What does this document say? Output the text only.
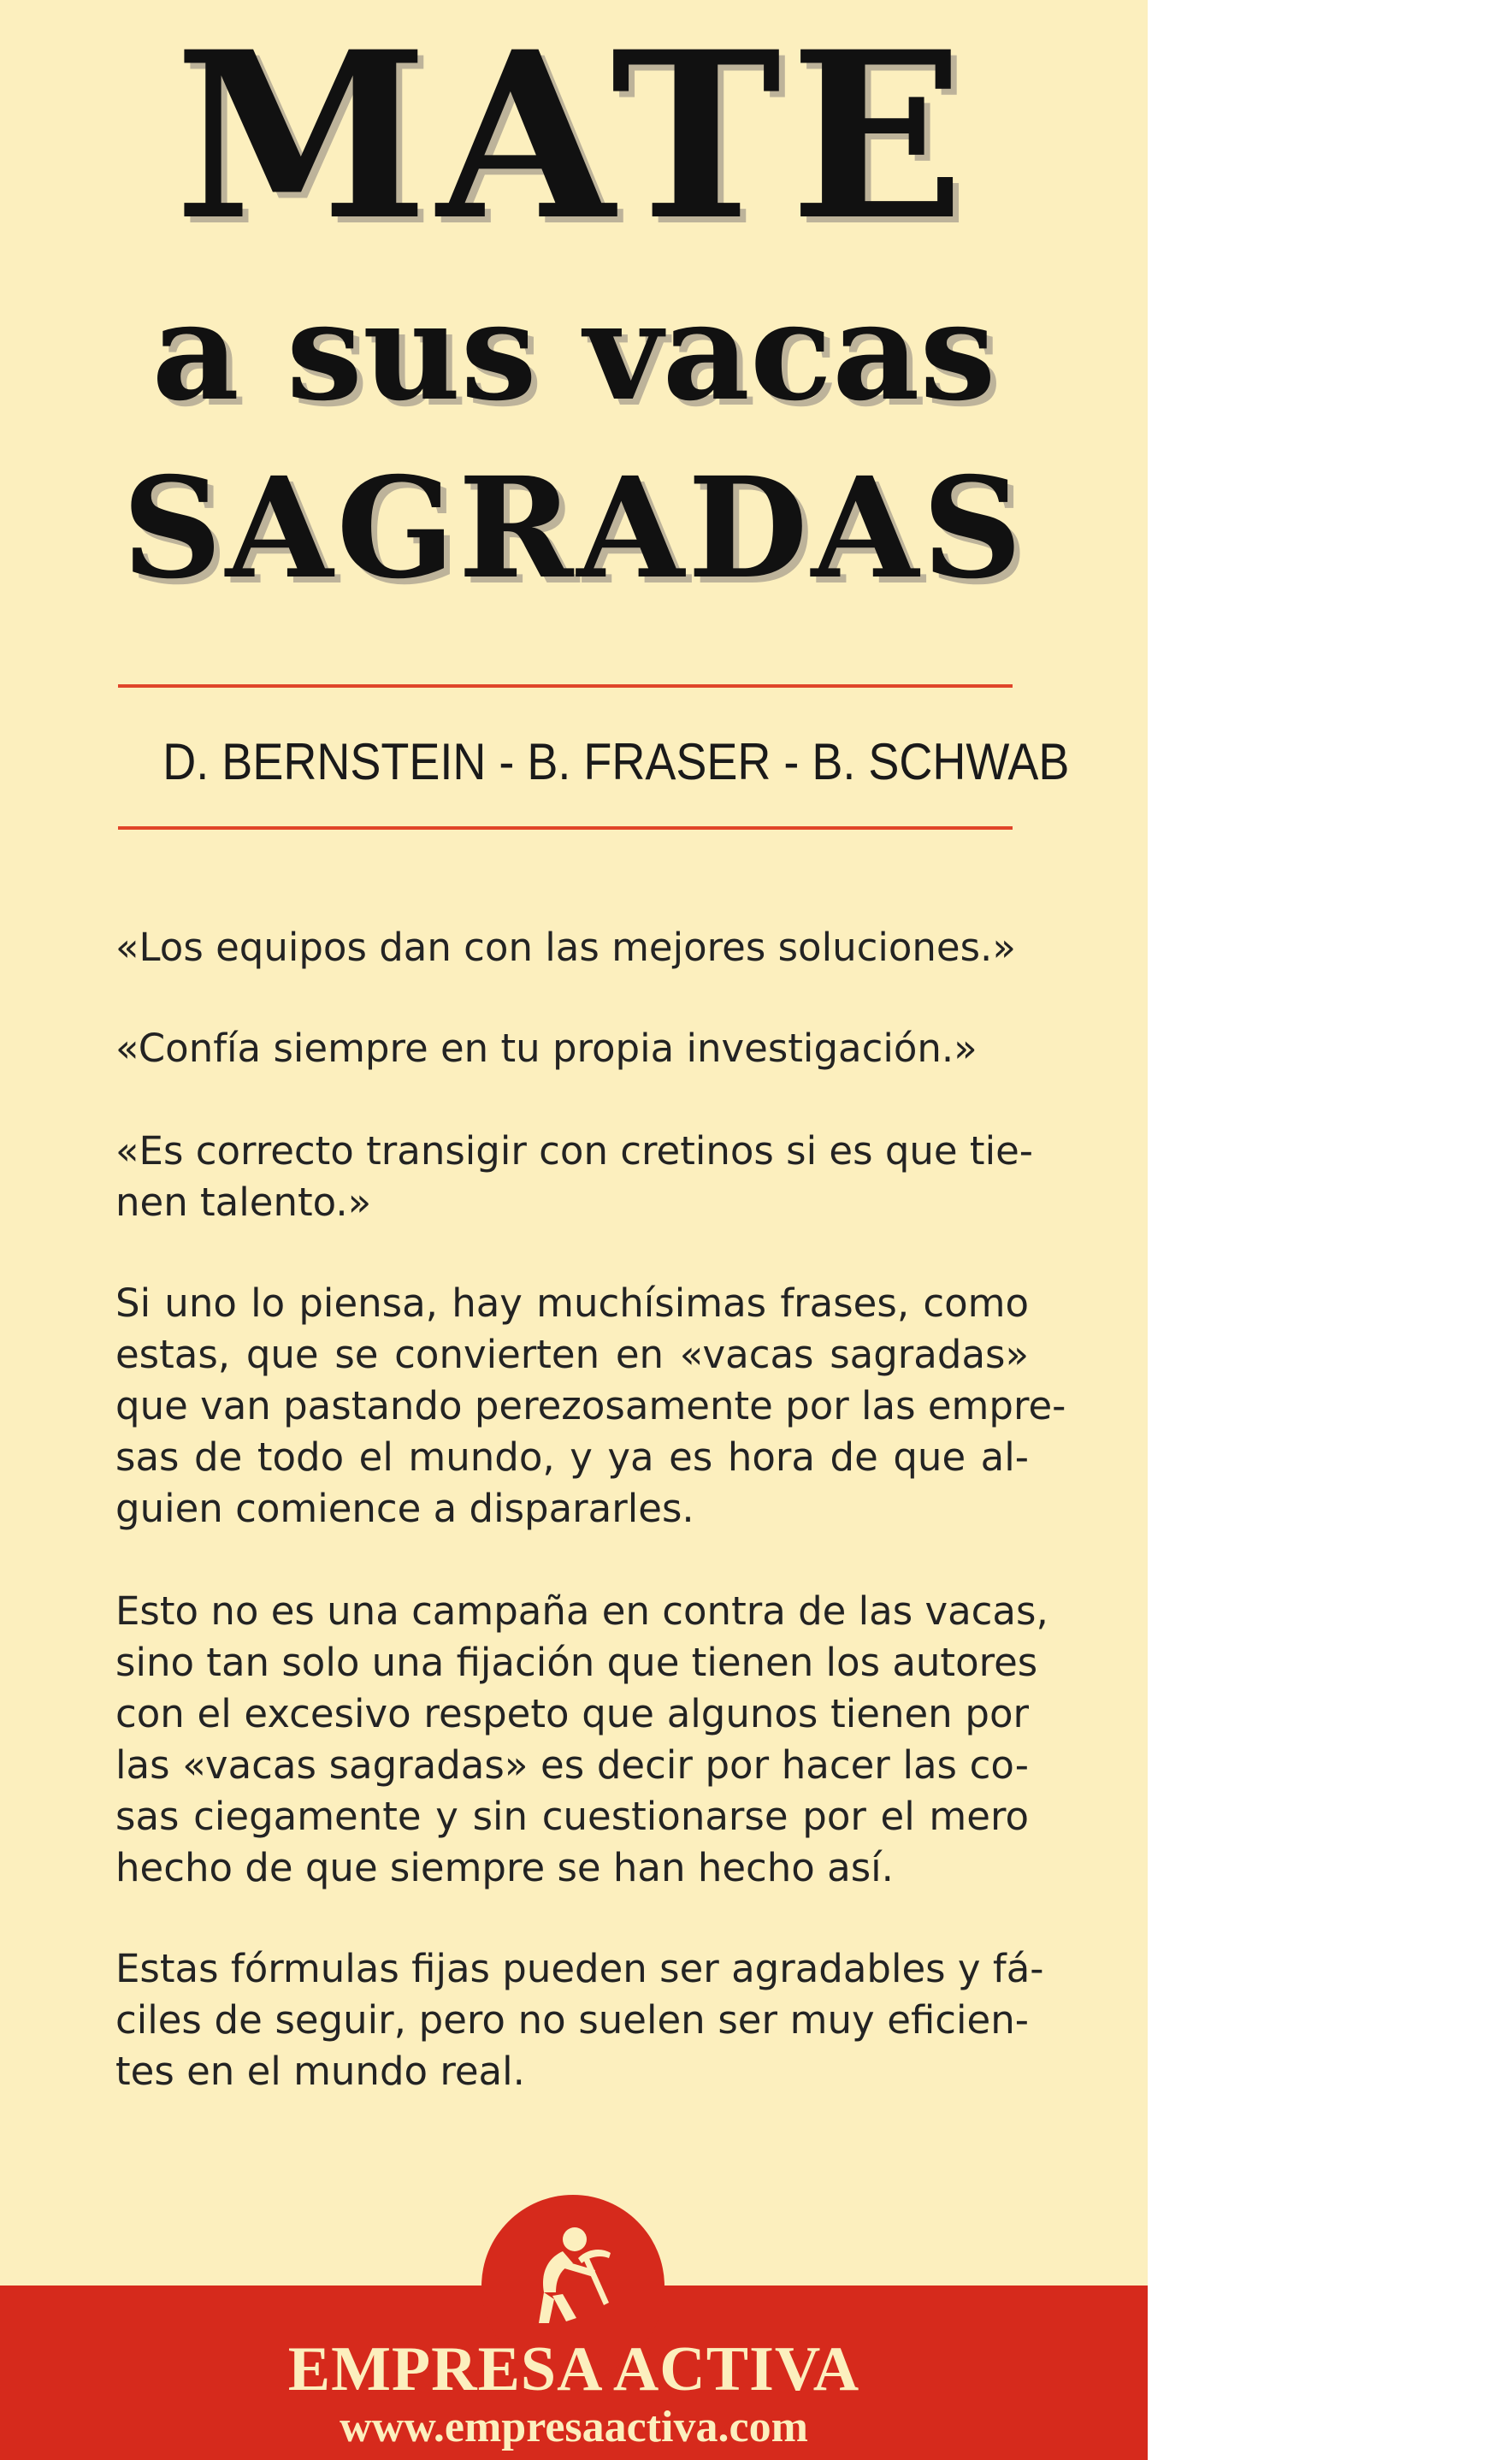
MATE
a sus vacas
SAGRADAS
D. BERNSTEIN - B. FRASER - B. SCHWAB
«Los equipos dan con las mejores soluciones.»
«Confía siempre en tu propia investigación.»
«Es correcto transigir con cretinos si es que tie-
nen talento.»
Si uno lo piensa, hay muchísimas frases, como
estas, que se convierten en «vacas sagradas»
que van pastando perezosamente por las empre-
sas de todo el mundo, y ya es hora de que al-
guien comience a dispararles.
Esto no es una campaña en contra de las vacas,
sino tan solo una fijación que tienen los autores
con el excesivo respeto que algunos tienen por
las «vacas sagradas» es decir por hacer las co-
sas ciegamente y sin cuestionarse por el mero
hecho de que siempre se han hecho así.
Estas fórmulas fijas pueden ser agradables y fá-
ciles de seguir, pero no suelen ser muy eficien-
tes en el mundo real.
EMPRESA ACTIVA
www.empresaactiva.com
